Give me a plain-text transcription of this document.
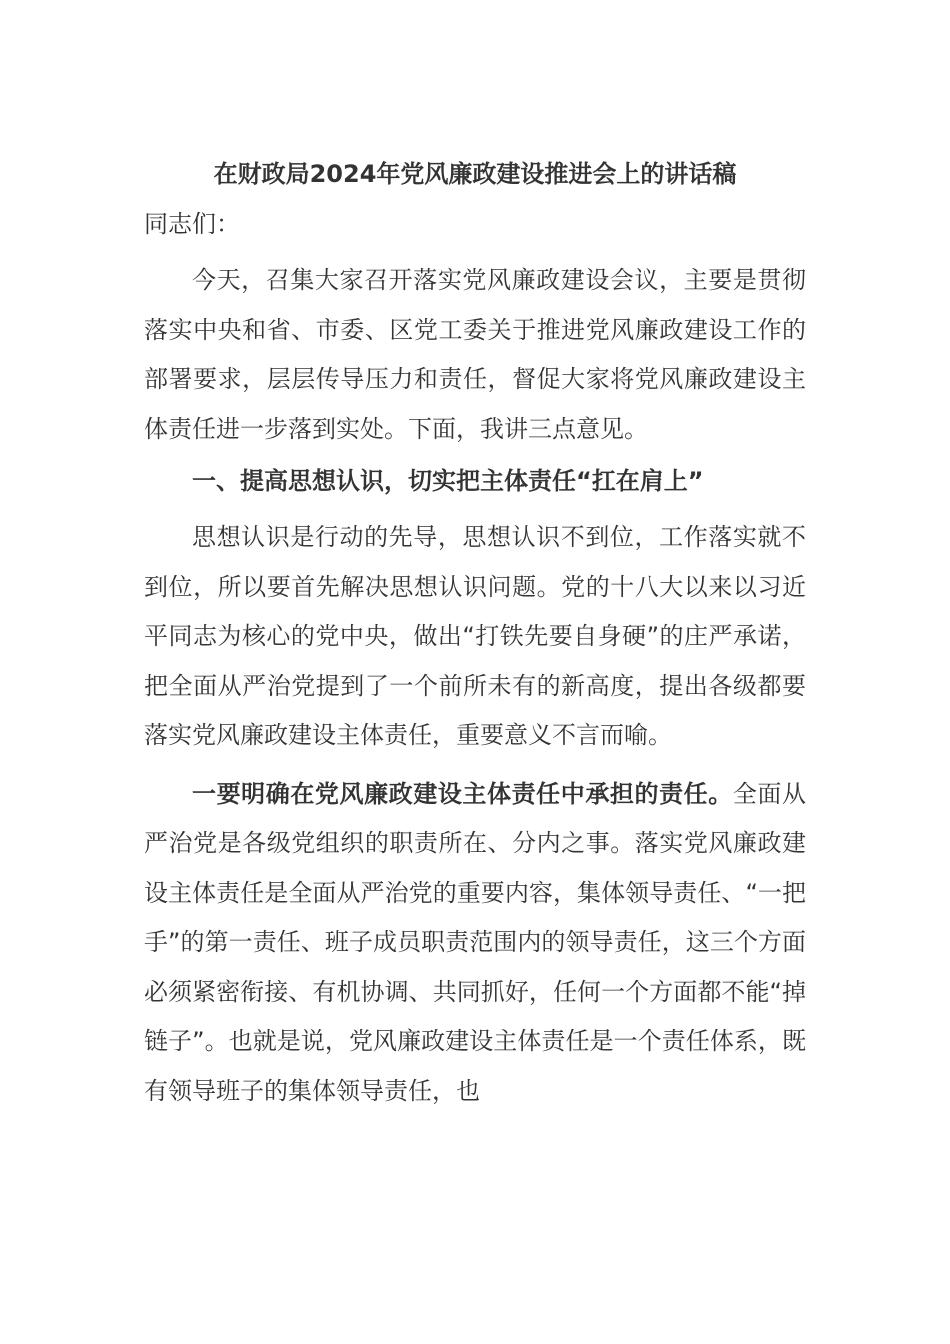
在财政局2024年党风廉政建设推进会上的讲话稿
同志们：
今天，召集大家召开落实党风廉政建设会议，主要是贯彻落实中央和省、市委、区党工委关于推进党风廉政建设工作的部署要求，层层传导压力和责任，督促大家将党风廉政建设主体责任进一步落到实处。下面，我讲三点意见。
一、提高思想认识，切实把主体责任“扛在肩上”
思想认识是行动的先导，思想认识不到位，工作落实就不到位，所以要首先解决思想认识问题。党的十八大以来以习近平同志为核心的党中央，做出“打铁先要自身硬”的庄严承诺，把全面从严治党提到了一个前所未有的新高度，提出各级都要落实党风廉政建设主体责任，重要意义不言而喻。
一要明确在党风廉政建设主体责任中承担的责任。全面从严治党是各级党组织的职责所在、分内之事。落实党风廉政建设主体责任是全面从严治党的重要内容，集体领导责任、“一把手”的第一责任、班子成员职责范围内的领导责任，这三个方面必须紧密衔接、有机协调、共同抓好，任何一个方面都不能“掉链子”。也就是说，党风廉政建设主体责任是一个责任体系，既有领导班子的集体领导责任，也
